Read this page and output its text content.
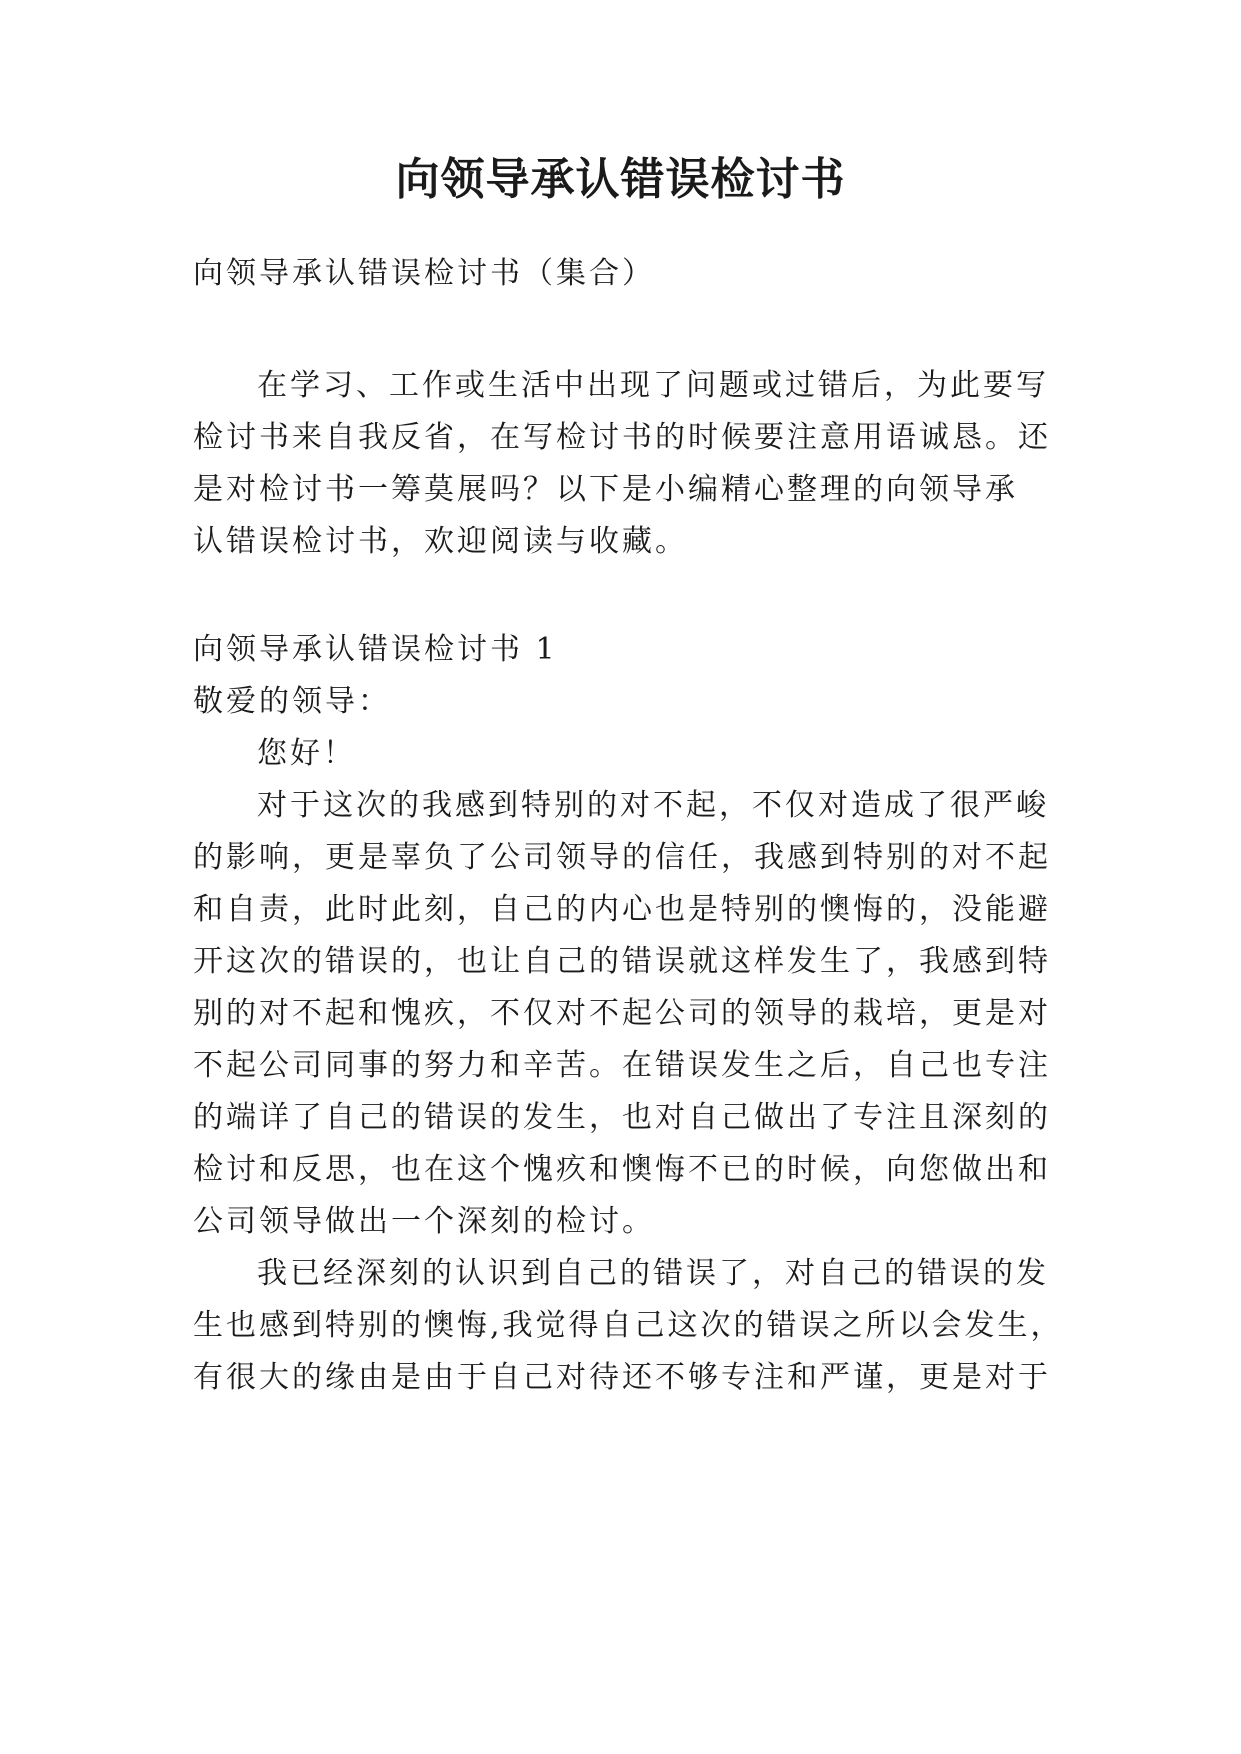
向领导承认错误检讨书
向领导承认错误检讨书（集合）
在学习、工作或生活中出现了问题或过错后，为此要写
检讨书来自我反省，在写检讨书的时候要注意用语诚恳。还
是对检讨书一筹莫展吗？以下是小编精心整理的向领导承
认错误检讨书，欢迎阅读与收藏。
向领导承认错误检讨书 1
敬爱的领导：
您好！
对于这次的我感到特别的对不起，不仅对造成了很严峻
的影响，更是辜负了公司领导的信任，我感到特别的对不起
和自责，此时此刻，自己的内心也是特别的懊悔的，没能避
开这次的错误的，也让自己的错误就这样发生了，我感到特
别的对不起和愧疚，不仅对不起公司的领导的栽培，更是对
不起公司同事的努力和辛苦。在错误发生之后，自己也专注
的端详了自己的错误的发生，也对自己做出了专注且深刻的
检讨和反思，也在这个愧疚和懊悔不已的时候，向您做出和
公司领导做出一个深刻的检讨。
我已经深刻的认识到自己的错误了，对自己的错误的发
生也感到特别的懊悔,我觉得自己这次的错误之所以会发生，
有很大的缘由是由于自己对待还不够专注和严谨，更是对于
